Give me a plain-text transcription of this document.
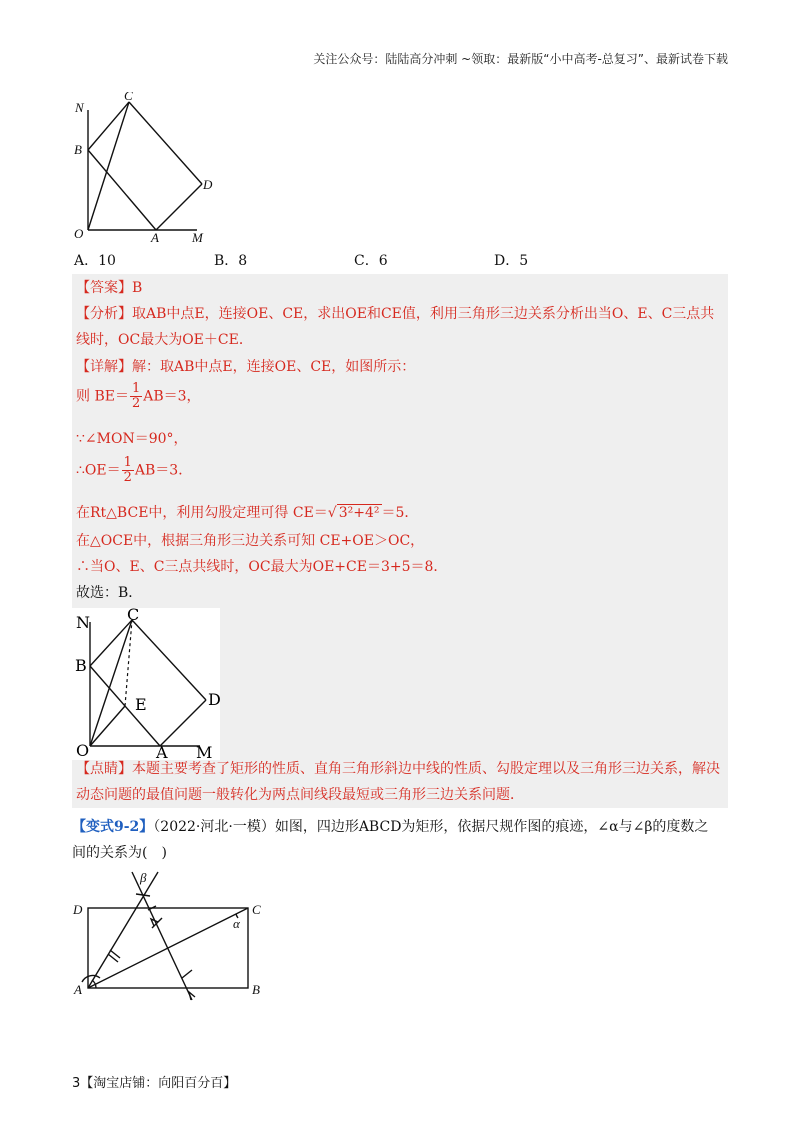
关注公众号：陆陆高分冲刺 ~领取：最新版“小中高考-总复习”、最新试卷下载
N
C
B
D
O	A	M
A．10	B．8	C．6	D．5
【答案】B
【分析】取AB中点E，连接OE、CE，求出OE和CE值，利用三角形三边关系分析出当O、E、C三点共
线时，OC最大为OE＋CE．
【详解】解：取AB中点E，连接OE、CE，如图所示：
则 $BE= \frac{1}{2} AB=3$，
∵∠MON＝90°，
∴OE＝ $\frac{1}{2} AB=3$．
在Rt△BCE中，利用勾股定理可得 CE＝√ 3²+4² ＝5．
在△OCE中，根据三角形三边关系可知 CE+OE＞OC，
∴当O、E、C三点共线时，OC最大为OE+CE＝3+5＝8．
故选：B．
N C
B
E	D
O	A M
【点睛】本题主要考查了矩形的性质、直角三角形斜边中线的性质、勾股定理以及三角形三边关系，解决
动态问题的最值问题一般转化为两点间线段最短或三角形三边关系问题．
【变式9-2】（2022·河北·一模）如图，四边形ABCD为矩形，依据尺规作图的痕迹，∠α与∠β的度数之
间的关系为(　)
β
D	C
α
A	B
3【淘宝店铺：向阳百分百】
